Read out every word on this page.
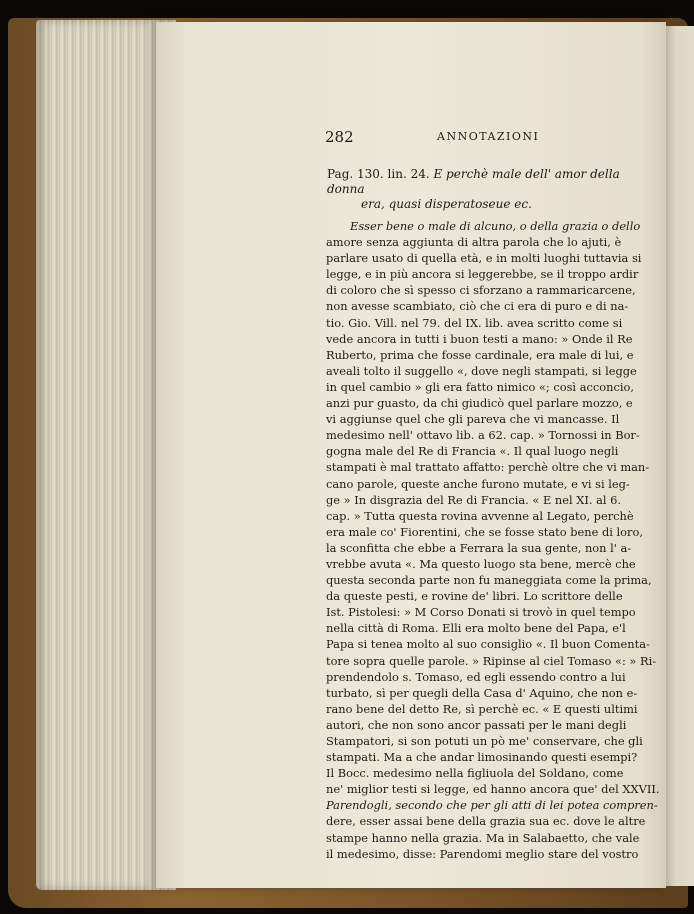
282	ANNOTAZIONI
Pag. 130. lin. 24. E perchè male dell' amor della donna
era, quasi disperatoseue ec.
Esser bene o male di alcuno, o della grazia o dello
amore senza aggiunta di altra parola che lo ajuti, è
parlare usato di quella età, e in molti luoghi tuttavia si
legge, e in più ancora si leggerebbe, se il troppo ardir
di coloro che sì spesso ci sforzano a rammaricarcene,
non avesse scambiato, ciò che ci era di puro e di na-
tio. Gio. Vill. nel 79. del IX. lib. avea scritto come si
vede ancora in tutti i buon testi a mano: » Onde il Re
Ruberto, prima che fosse cardinale, era male di lui, e
aveali tolto il suggello «, dove negli stampati, si legge
in quel cambio » gli era fatto nimico «; così acconcio,
anzi pur guasto, da chi giudicò quel parlare mozzo, e
vi aggiunse quel che gli pareva che vi mancasse. Il
medesimo nell' ottavo lib. a 62. cap. » Tornossi in Bor-
gogna male del Re di Francia «. Il qual luogo negli
stampati è mal trattato affatto: perchè oltre che vi man-
cano parole, queste anche furono mutate, e vi si leg-
ge » In disgrazia del Re di Francia. « E nel XI. al 6.
cap. » Tutta questa rovina avvenne al Legato, perchè
era male co' Fiorentini, che se fosse stato bene di loro,
la sconfitta che ebbe a Ferrara la sua gente, non l' a-
vrebbe avuta «. Ma questo luogo sta bene, mercè che
questa seconda parte non fu maneggiata come la prima,
da queste pesti, e rovine de' libri. Lo scrittore delle
Ist. Pistolesi: » M Corso Donati si trovò in quel tempo
nella città di Roma. Elli era molto bene del Papa, e'l
Papa si tenea molto al suo consiglio «. Il buon Comenta-
tore sopra quelle parole. » Ripinse al ciel Tomaso «: » Ri-
prendendolo s. Tomaso, ed egli essendo contro a lui
turbato, sì per quegli della Casa d' Aquino, che non e-
rano bene del detto Re, sì perchè ec. « E questi ultimi
autori, che non sono ancor passati per le mani degli
Stampatori, si son potuti un pò me' conservare, che gli
stampati. Ma a che andar limosinando questi esempi?
Il Bocc. medesimo nella figliuola del Soldano, come
ne' miglior testi si legge, ed hanno ancora que' del XXVII.
Parendogli, secondo che per gli atti di lei potea compren-
dere, esser assai bene della grazia sua ec. dove le altre
stampe hanno nella grazia. Ma in Salabaetto, che vale
il medesimo, disse: Parendomi meglio stare del vostro
